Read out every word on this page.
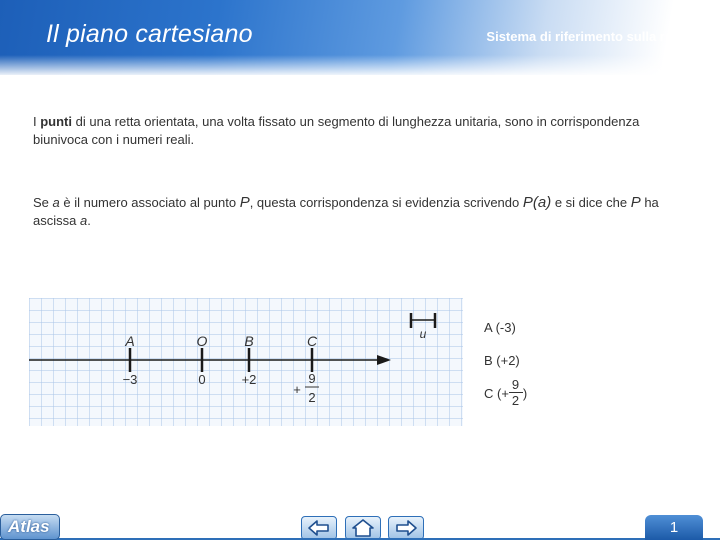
Il piano cartesiano	Sistema di riferimento sulla retta
I punti di una retta orientata, una volta fissato un segmento di lunghezza unitaria, sono in corrispondenza biunivoca con i numeri reali.
Se a è il numero associato al punto P, questa corrispondenza si evidenzia scrivendo P(a) e si dice che P ha ascissa a.
u
A	O	B	C
−3	0	+2
+
9
2
A (-3)
B (+2)
C (+ $\frac{9}{2}$ )
Atlas	1
